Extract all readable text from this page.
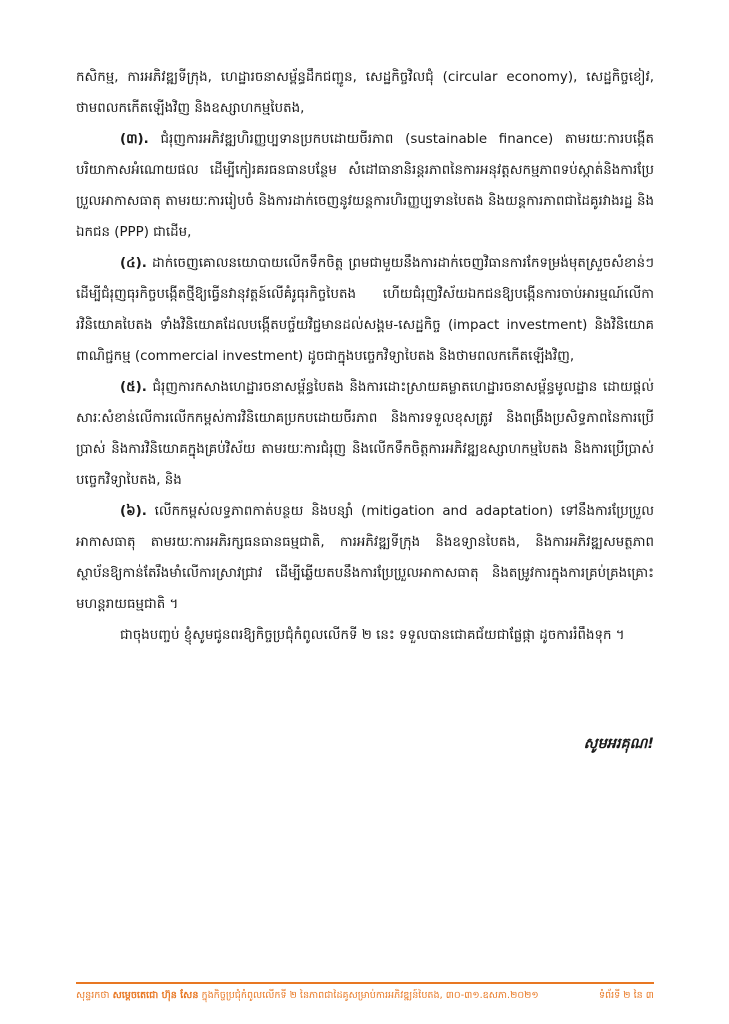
កសិកម្ម, ការអភិវឌ្ឍទីក្រុង, ហេដ្ឋារចនាសម្ព័ន្ធដឹកជញ្ជូន, សេដ្ឋកិច្ចវិលជុំ (circular economy), សេដ្ឋកិច្ចខៀវ, ថាមពលកកើតឡើងវិញ និងឧស្សាហកម្មបៃតង,

(៣). ជំរុញការអភិវឌ្ឍហិរញ្ញប្បទានប្រកបដោយចីរភាព (sustainable finance) តាមរយៈការបង្កើតបរិយាកាសអំណោយផល ដើម្បីកៀរគរធនធានបន្ថែម សំដៅធានានិរន្តរភាពនៃការអនុវត្តសកម្មភាពទប់ស្កាត់និងការប្រែប្រួលអាកាសធាតុ តាមរយៈការរៀបចំ និងការដាក់ចេញនូវយន្តការហិរញ្ញប្បទានបៃតង និងយន្តការភាពជាដៃគូរវាងរដ្ឋ និងឯកជន (PPP) ជាដើម,

(៤). ដាក់ចេញគោលនយោបាយលើកទឹកចិត្ត ព្រមជាមួយនឹងការដាក់ចេញវិធានការកែទម្រង់មុតស្រួចសំខាន់ៗ ដើម្បីជំរុញធុរកិច្ចបង្កើតថ្មីឱ្យធ្វើនវានុវត្តន៍លើគំរូធុរកិច្ចបៃតង ហើយជំរុញវិស័យឯកជនឱ្យបង្កើនការចាប់អារម្មណ៍លើការវិនិយោគបៃតង ទាំងវិនិយោគដែលបង្កើតបច្ច័យវិជ្ជមានដល់សង្គម-សេដ្ឋកិច្ច (impact investment) និងវិនិយោគពាណិជ្ជកម្ម (commercial investment) ដូចជាក្នុងបច្ចេកវិទ្យាបៃតង និងថាមពលកកើតឡើងវិញ,

(៥). ជំរុញការកសាងហេដ្ឋារចនាសម្ព័ន្ធបៃតង និងការដោះស្រាយគម្លាតហេដ្ឋារចនាសម្ព័ន្ធមូលដ្ឋាន ដោយផ្តល់សារៈសំខាន់លើការលើកកម្ពស់ការវិនិយោគប្រកបដោយចីរភាព និងការទទួលខុសត្រូវ និងពង្រឹងប្រសិទ្ធភាពនៃការប្រើប្រាស់ និងការវិនិយោគក្នុងគ្រប់វិស័យ តាមរយៈការជំរុញ និងលើកទឹកចិត្តការអភិវឌ្ឍឧស្សាហកម្មបៃតង និងការប្រើប្រាស់បច្ចេកវិទ្យាបៃតង, និង

(៦). លើកកម្ពស់លទ្ធភាពកាត់បន្ថយ និងបន្សាំ (mitigation and adaptation) ទៅនឹងការប្រែប្រួលអាកាសធាតុ តាមរយៈការអភិរក្សធនធានធម្មជាតិ, ការអភិវឌ្ឍទីក្រុង និងឧទ្យានបៃតង, និងការអភិវឌ្ឍសមត្ថភាពស្ថាប័នឱ្យកាន់តែរឹងមាំលើការស្រាវជ្រាវ ដើម្បីឆ្លើយតបនឹងការប្រែប្រួលអាកាសធាតុ និងតម្រូវការក្នុងការគ្រប់គ្រងគ្រោះមហន្តរាយធម្មជាតិ ។

ជាចុងបញ្ចប់ ខ្ញុំសូមជូនពរឱ្យកិច្ចប្រជុំកំពូលលើកទី ២ នេះ ទទួលបានជោគជ័យជាផ្លែផ្កា ដូចការរំពឹងទុក ។

សូមអរគុណ!
សុន្ទរកថា សម្តេចតេជោ ហ៊ុន សែន ក្នុងកិច្ចប្រជុំកំពូលលើកទី ២ នៃភាពជាដៃគូសម្រាប់ការអភិវឌ្ឍន៍បៃតង, ៣០-៣១.ឧសភា.២០២១	ទំព័រទី ២ នៃ ៣
